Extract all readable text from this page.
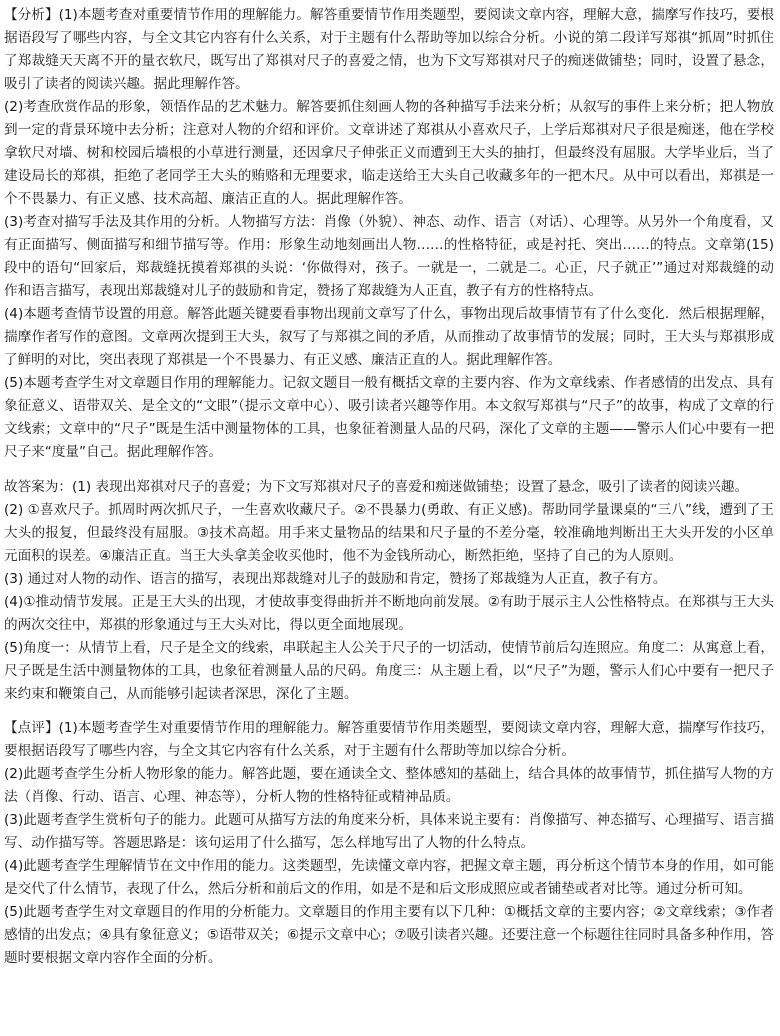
【分析】(1)本题考查对重要情节作用的理解能力。解答重要情节作用类题型，要阅读文章内容，理解大意，揣摩写作技巧，要根据语段写了哪些内容，与全文其它内容有什么关系，对于主题有什么帮助等加以综合分析。小说的第二段详写郑祺“抓周”时抓住了郑裁缝天天离不开的量衣软尺，既写出了郑祺对尺子的喜爱之情，也为下文写郑祺对尺子的痴迷做铺垫；同时，设置了悬念，吸引了读者的阅读兴趣。据此理解作答。

(2)考查欣赏作品的形象，领悟作品的艺术魅力。解答要抓住刻画人物的各种描写手法来分析；从叙写的事件上来分析；把人物放到一定的背景环境中去分析；注意对人物的介绍和评价。文章讲述了郑祺从小喜欢尺子，上学后郑祺对尺子很是痴迷，他在学校拿软尺对墙、树和校园后墙根的小草进行测量，还因拿尺子伸张正义而遭到王大头的抽打，但最终没有屈服。大学毕业后，当了建设局长的郑祺，拒绝了老同学王大头的贿赂和无理要求，临走送给王大头自己收藏多年的一把木尺。从中可以看出，郑祺是一个不畏暴力、有正义感、技术高超、廉洁正直的人。据此理解作答。

(3)考查对描写手法及其作用的分析。人物描写方法：肖像（外貌）、神态、动作、语言（对话）、心理等。从另外一个角度看，又有正面描写、侧面描写和细节描写等。作用：形象生动地刻画出人物……的性格特征，或是衬托、突出……的特点。文章第(15)段中的语句“回家后，郑裁缝抚摸着郑祺的头说：‘你做得对，孩子。一就是一，二就是二。心正，尺子就正’”通过对郑裁缝的动作和语言描写，表现出郑裁缝对儿子的鼓励和肯定，赞扬了郑裁缝为人正直，教子有方的性格特点。

(4)本题考查情节设置的用意。解答此题关键要看事物出现前文章写了什么，事物出现后故事情节有了什么变化．然后根据理解，揣摩作者写作的意图。文章两次提到王大头，叙写了与郑祺之间的矛盾，从而推动了故事情节的发展；同时，王大头与郑祺形成了鲜明的对比，突出表现了郑祺是一个不畏暴力、有正义感、廉洁正直的人。据此理解作答。

(5)本题考查学生对文章题目作用的理解能力。记叙文题目一般有概括文章的主要内容、作为文章线索、作者感情的出发点、具有象征意义、语带双关、是全文的“文眼”（提示文章中心）、吸引读者兴趣等作用。本文叙写郑祺与“尺子”的故事，构成了文章的行文线索；文章中的“尺子”既是生活中测量物体的工具，也象征着测量人品的尺码，深化了文章的主题——警示人们心中要有一把尺子来“度量”自己。据此理解作答。

故答案为：(1) 表现出郑祺对尺子的喜爱；为下文写郑祺对尺子的喜爱和痴迷做铺垫；设置了悬念，吸引了读者的阅读兴趣。

(2) ①喜欢尺子。抓周时两次抓尺子，一生喜欢收藏尺子。②不畏暴力(勇敢、有正义感)。帮助同学量课桌的“三八”线，遭到了王大头的报复，但最终没有屈服。③技术高超。用手来丈量物品的结果和尺子量的不差分毫，较准确地判断出王大头开发的小区单元面积的误差。④廉洁正直。当王大头拿美金收买他时，他不为金钱所动心，断然拒绝，坚持了自己的为人原则。

(3) 通过对人物的动作、语言的描写，表现出郑裁缝对儿子的鼓励和肯定，赞扬了郑裁缝为人正直，教子有方。

(4)①推动情节发展。正是王大头的出现，才使故事变得曲折并不断地向前发展。②有助于展示主人公性格特点。在郑祺与王大头的两次交往中，郑祺的形象通过与王大头对比，得以更全面地展现。

(5)角度一：从情节上看，尺子是全文的线索，串联起主人公关于尺子的一切活动，使情节前后勾连照应。角度二：从寓意上看，尺子既是生活中测量物体的工具，也象征着测量人品的尺码。角度三：从主题上看，以“尺子”为题，警示人们心中要有一把尺子来约束和鞭策自己，从而能够引起读者深思，深化了主题。

【点评】(1)本题考查学生对重要情节作用的理解能力。解答重要情节作用类题型，要阅读文章内容，理解大意，揣摩写作技巧，要根据语段写了哪些内容，与全文其它内容有什么关系，对于主题有什么帮助等加以综合分析。

(2)此题考查学生分析人物形象的能力。解答此题，要在通读全文、整体感知的基础上，结合具体的故事情节，抓住描写人物的方法（肖像、行动、语言、心理、神态等），分析人物的性格特征或精神品质。

(3)此题考查学生赏析句子的能力。此题可从描写方法的角度来分析，具体来说主要有：肖像描写、神态描写、心理描写、语言描写、动作描写等。答题思路是：该句运用了什么描写，怎么样地写出了人物的什么特点。

(4)此题考查学生理解情节在文中作用的能力。这类题型，先读懂文章内容，把握文章主题，再分析这个情节本身的作用，如可能是交代了什么情节，表现了什么，然后分析和前后文的作用，如是不是和后文形成照应或者铺垫或者对比等。通过分析可知。

(5)此题考查学生对文章题目的作用的分析能力。文章题目的作用主要有以下几种：①概括文章的主要内容；②文章线索；③作者感情的出发点；④具有象征意义；⑤语带双关；⑥提示文章中心；⑦吸引读者兴趣。还要注意一个标题往往同时具备多种作用，答题时要根据文章内容作全面的分析。
